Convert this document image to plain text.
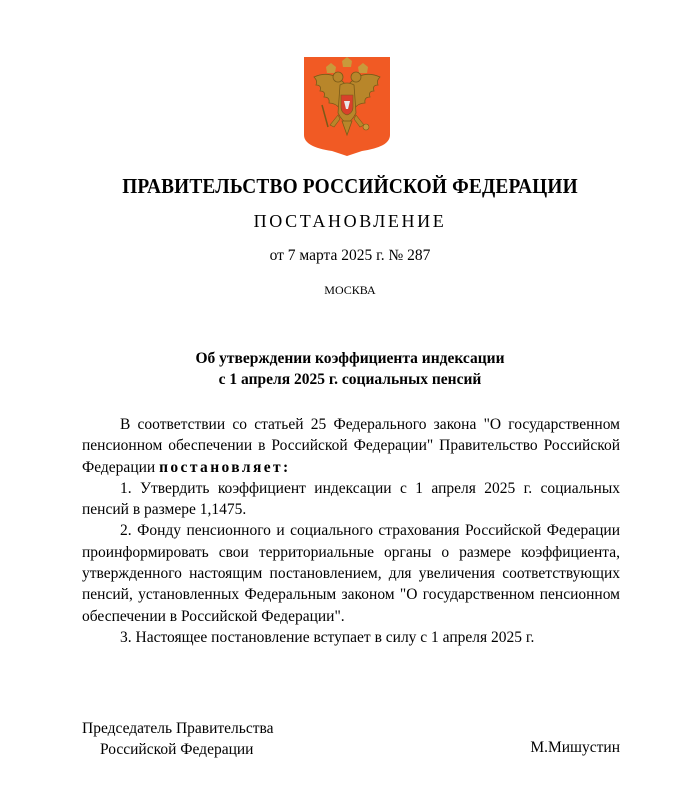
ПРАВИТЕЛЬСТВО РОССИЙСКОЙ ФЕДЕРАЦИИ
ПОСТАНОВЛЕНИЕ
от 7 марта 2025 г. № 287
МОСКВА
Об утверждении коэффициента индексации
с 1 апреля 2025 г. социальных пенсий

В соответствии со статьей 25 Федерального закона "О государственном пенсионном обеспечении в Российской Федерации" Правительство Российской Федерации постановляет:

1. Утвердить коэффициент индексации с 1 апреля 2025 г. социальных пенсий в размере 1,1475.

2. Фонду пенсионного и социального страхования Российской Федерации проинформировать свои территориальные органы о размере коэффициента, утвержденного настоящим постановлением, для увеличения соответствующих пенсий, установленных Федеральным законом "О государственном пенсионном обеспечении в Российской Федерации".

3. Настоящее постановление вступает в силу с 1 апреля 2025 г.

Председатель Правительства
Российской Федерации	М.Мишустин
